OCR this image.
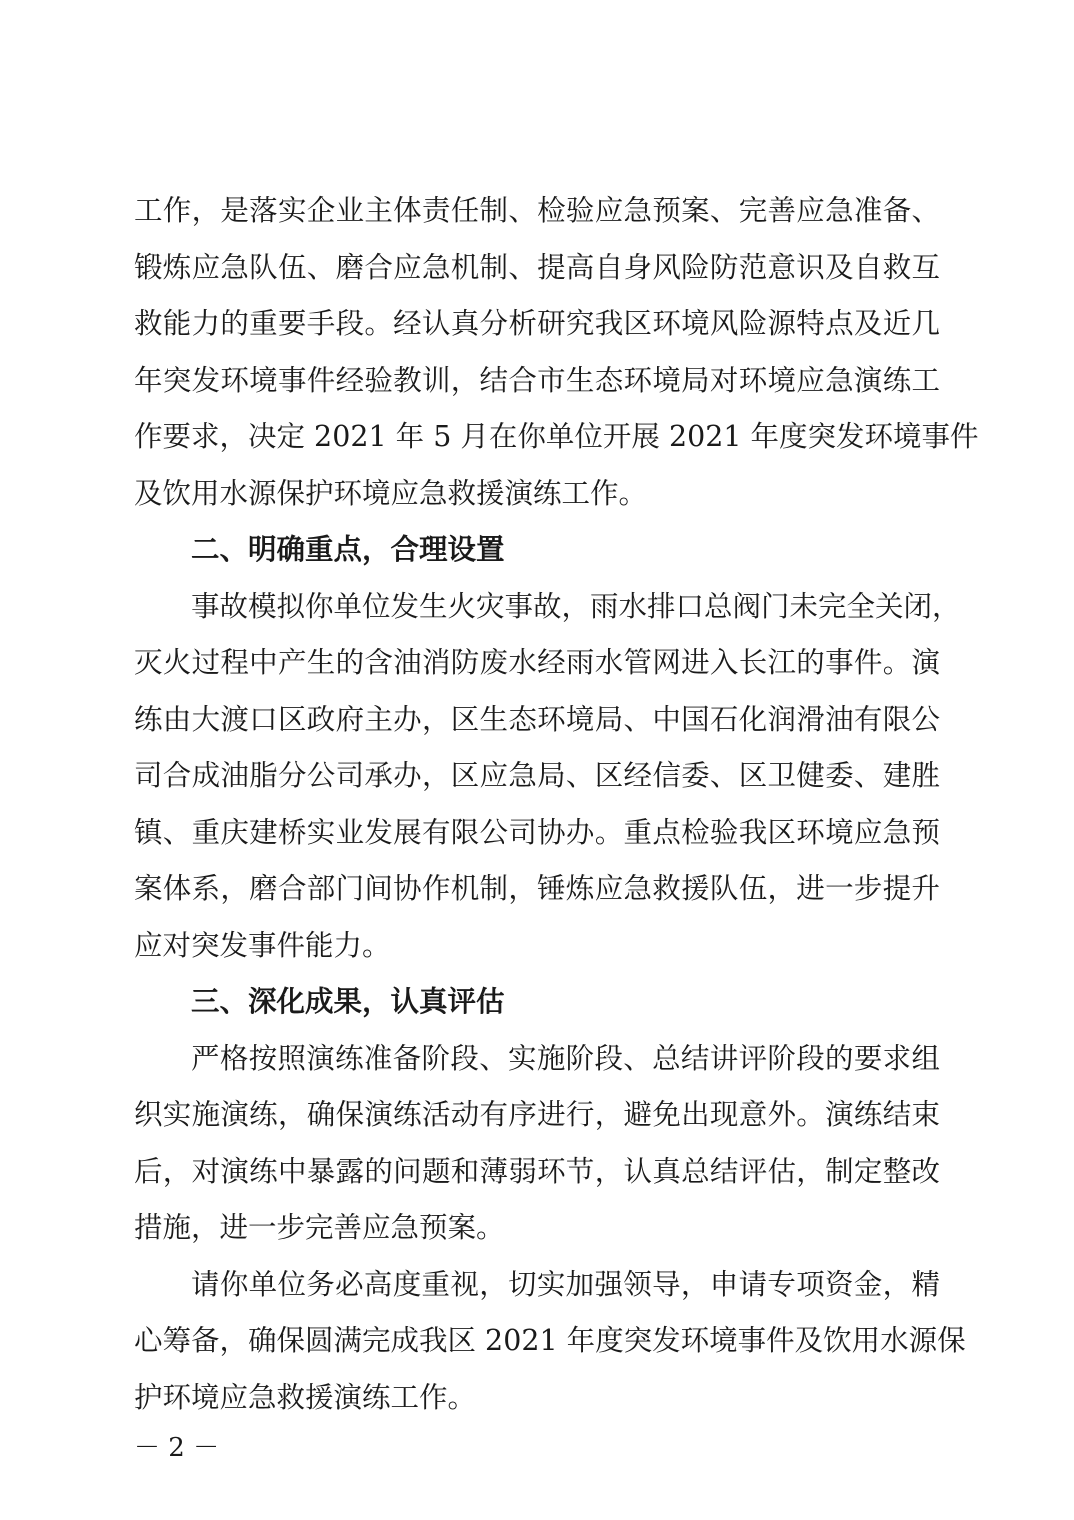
工作，是落实企业主体责任制、检验应急预案、完善应急准备、
锻炼应急队伍、磨合应急机制、提高自身风险防范意识及自救互
救能力的重要手段。经认真分析研究我区环境风险源特点及近几
年突发环境事件经验教训，结合市生态环境局对环境应急演练工
作要求，决定 2021 年 5 月在你单位开展 2021 年度突发环境事件
及饮用水源保护环境应急救援演练工作。
二、明确重点，合理设置
事故模拟你单位发生火灾事故，雨水排口总阀门未完全关闭，
灭火过程中产生的含油消防废水经雨水管网进入长江的事件。演
练由大渡口区政府主办，区生态环境局、中国石化润滑油有限公
司合成油脂分公司承办，区应急局、区经信委、区卫健委、建胜
镇、重庆建桥实业发展有限公司协办。重点检验我区环境应急预
案体系，磨合部门间协作机制，锤炼应急救援队伍，进一步提升
应对突发事件能力。
三、深化成果，认真评估
严格按照演练准备阶段、实施阶段、总结讲评阶段的要求组
织实施演练，确保演练活动有序进行，避免出现意外。演练结束
后，对演练中暴露的问题和薄弱环节，认真总结评估，制定整改
措施，进一步完善应急预案。
请你单位务必高度重视，切实加强领导，申请专项资金，精
心筹备，确保圆满完成我区 2021 年度突发环境事件及饮用水源保
护环境应急救援演练工作。
－ 2 －
